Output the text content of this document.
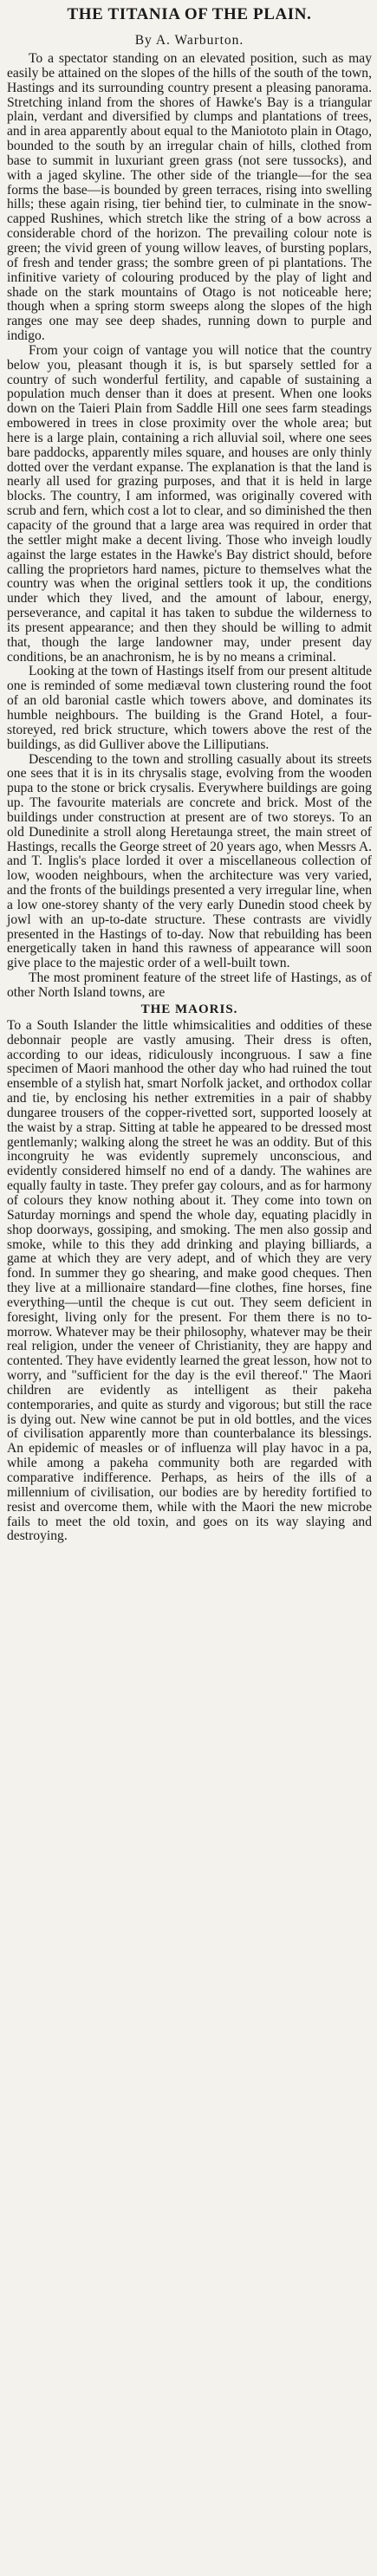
THE TITANIA OF THE PLAIN.
By A. Warburton.

To a spectator standing on an elevated position, such as may easily be attained on the slopes of the hills of the south of the town, Hastings and its surrounding country present a pleasing panorama. Stretching inland from the shores of Hawke's Bay is a triangular plain, verdant and diversified by clumps and plantations of trees, and in area apparently about equal to the Maniototo plain in Otago, bounded to the south by an irregular chain of hills, clothed from base to summit in luxuriant green grass (not sere tussocks), and with a jaged skyline. The other side of the triangle—for the sea forms the base—is bounded by green terraces, rising into swelling hills; these again rising, tier behind tier, to culminate in the snow-capped Rushines, which stretch like the string of a bow across a considerable chord of the horizon. The prevailing colour note is green; the vivid green of young willow leaves, of bursting poplars, of fresh and tender grass; the sombre green of pi plantations. The infinitive variety of colouring produced by the play of light and shade on the stark mountains of Otago is not noticeable here; though when a spring storm sweeps along the slopes of the high ranges one may see deep shades, running down to purple and indigo.

From your coign of vantage you will notice that the country below you, pleasant though it is, is but sparsely settled for a country of such wonderful fertility, and capable of sustaining a population much denser than it does at present. When one looks down on the Taieri Plain from Saddle Hill one sees farm steadings embowered in trees in close proximity over the whole area; but here is a large plain, containing a rich alluvial soil, where one sees bare paddocks, apparently miles square, and houses are only thinly dotted over the verdant expanse. The explanation is that the land is nearly all used for grazing purposes, and that it is held in large blocks. The country, I am informed, was originally covered with scrub and fern, which cost a lot to clear, and so diminished the then capacity of the ground that a large area was required in order that the settler might make a decent living. Those who inveigh loudly against the large estates in the Hawke's Bay district should, before calling the proprietors hard names, picture to themselves what the country was when the original settlers took it up, the conditions under which they lived, and the amount of labour, energy, perseverance, and capital it has taken to subdue the wilderness to its present appearance; and then they should be willing to admit that, though the large landowner may, under present day conditions, be an anachronism, he is by no means a criminal.

Looking at the town of Hastings itself from our present altitude one is reminded of some mediæval town clustering round the foot of an old baronial castle which towers above, and dominates its humble neighbours. The building is the Grand Hotel, a four-storeyed, red brick structure, which towers above the rest of the buildings, as did Gulliver above the Lilliputians.

Descending to the town and strolling casually about its streets one sees that it is in its chrysalis stage, evolving from the wooden pupa to the stone or brick crysalis. Everywhere buildings are going up. The favourite materials are concrete and brick. Most of the buildings under construction at present are of two storeys. To an old Dunedinite a stroll along Heretaunga street, the main street of Hastings, recalls the George street of 20 years ago, when Messrs A. and T. Inglis's place lorded it over a miscellaneous collection of low, wooden neighbours, when the architecture was very varied, and the fronts of the buildings presented a very irregular line, when a low one-storey shanty of the very early Dunedin stood cheek by jowl with an up-to-date structure. These contrasts are vividly presented in the Hastings of to-day. Now that rebuilding has been energetically taken in hand this rawness of appearance will soon give place to the majestic order of a well-built town.

The most prominent feature of the street life of Hastings, as of other North Island towns, are

THE MAORIS.

To a South Islander the little whimsicalities and oddities of these debonnair people are vastly amusing. Their dress is often, according to our ideas, ridiculously incongruous. I saw a fine specimen of Maori manhood the other day who had ruined the tout ensemble of a stylish hat, smart Norfolk jacket, and orthodox collar and tie, by enclosing his nether extremities in a pair of shabby dungaree trousers of the copper-rivetted sort, supported loosely at the waist by a strap. Sitting at table he appeared to be dressed most gentlemanly; walking along the street he was an oddity. But of this incongruity he was evidently supremely unconscious, and evidently considered himself no end of a dandy. The wahines are equally faulty in taste. They prefer gay colours, and as for harmony of colours they know nothing about it. They come into town on Saturday mornings and spend the whole day, equating placidly in shop doorways, gossiping, and smoking. The men also gossip and smoke, while to this they add drinking and playing billiards, a game at which they are very adept, and of which they are very fond. In summer they go shearing, and make good cheques. Then they live at a millionaire standard—fine clothes, fine horses, fine everything—until the cheque is cut out. They seem deficient in foresight, living only for the present. For them there is no to-morrow. Whatever may be their philosophy, whatever may be their real religion, under the veneer of Christianity, they are happy and contented. They have evidently learned the great lesson, how not to worry, and "sufficient for the day is the evil thereof." The Maori children are evidently as intelligent as their pakeha contemporaries, and quite as sturdy and vigorous; but still the race is dying out. New wine cannot be put in old bottles, and the vices of civilisation apparently more than counterbalance its blessings. An epidemic of measles or of influenza will play havoc in a pa, while among a pakeha community both are regarded with comparative indifference. Perhaps, as heirs of the ills of a millennium of civilisation, our bodies are by heredity fortified to resist and overcome them, while with the Maori the new microbe fails to meet the old toxin, and goes on its way slaying and destroying.
